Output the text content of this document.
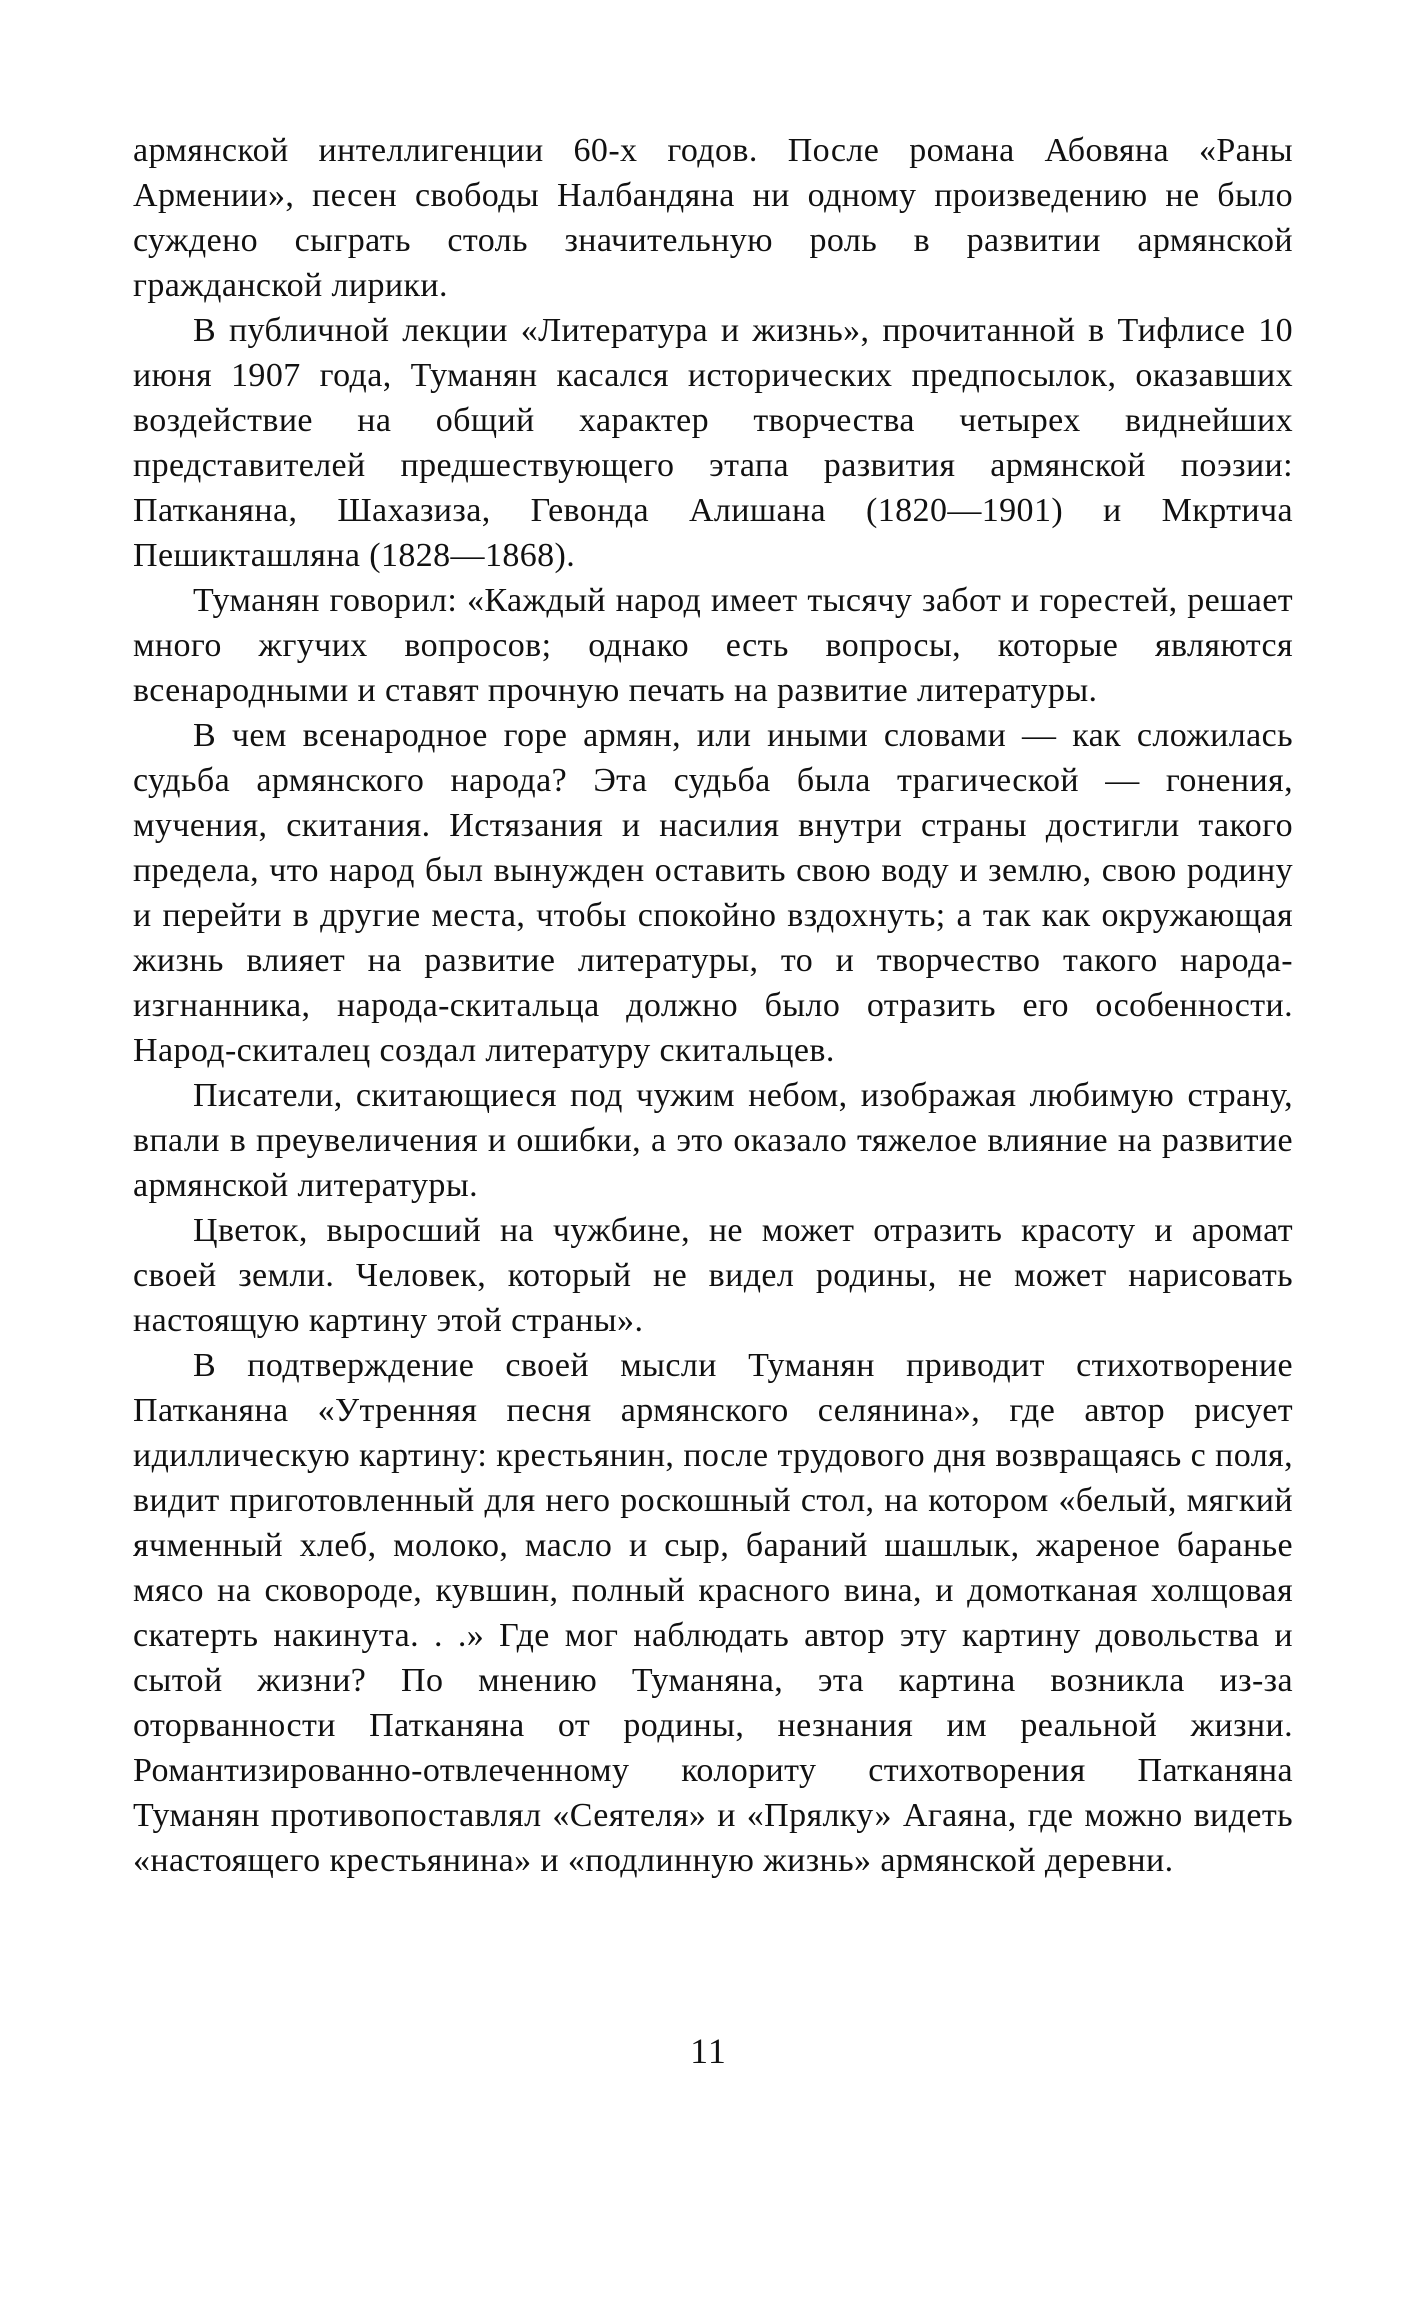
армянской интеллигенции 60-х годов. После романа Абовяна «Раны Армении», песен свободы Налбандяна ни одному произведению не было суждено сыграть столь значительную роль в развитии армянской гражданской лирики.

В публичной лекции «Литература и жизнь», прочитанной в Тифлисе 10 июня 1907 года, Туманян касался исторических предпосылок, оказавших воздействие на общий характер творчества четырех виднейших представителей предшествующего этапа развития армянской поэзии: Патканяна, Шахазиза, Гевонда Алишана (1820—1901) и Мкртича Пешикташляна (1828—1868).

Туманян говорил: «Каждый народ имеет тысячу забот и горестей, решает много жгучих вопросов; однако есть вопросы, которые являются всенародными и ставят прочную печать на развитие литературы.

В чем всенародное горе армян, или иными словами — как сложилась судьба армянского народа? Эта судьба была трагической — гонения, мучения, скитания. Истязания и насилия внутри страны достигли такого предела, что народ был вынужден оставить свою воду и землю, свою родину и перейти в другие места, чтобы спокойно вздохнуть; а так как окружающая жизнь влияет на развитие литературы, то и творчество такого народа-изгнанника, народа-скитальца должно было отразить его особенности. Народ-скиталец создал литературу скитальцев.

Писатели, скитающиеся под чужим небом, изображая любимую страну, впали в преувеличения и ошибки, а это оказало тяжелое влияние на развитие армянской литературы.

Цветок, выросший на чужбине, не может отразить красоту и аромат своей земли. Человек, который не видел родины, не может нарисовать настоящую картину этой страны».

В подтверждение своей мысли Туманян приводит стихотворение Патканяна «Утренняя песня армянского селянина», где автор рисует идиллическую картину: крестьянин, после трудового дня возвращаясь с поля, видит приготовленный для него роскошный стол, на котором «белый, мягкий ячменный хлеб, молоко, масло и сыр, бараний шашлык, жареное баранье мясо на сковороде, кувшин, полный красного вина, и домотканая холщовая скатерть накинута. . .» Где мог наблюдать автор эту картину довольства и сытой жизни? По мнению Туманяна, эта картина возникла из-за оторванности Патканяна от родины, незнания им реальной жизни. Романтизированно-отвлеченному колориту стихотворения Патканяна Туманян противопоставлял «Сеятеля» и «Прялку» Агаяна, где можно видеть «настоящего крестьянина» и «подлинную жизнь» армянской деревни.

11
